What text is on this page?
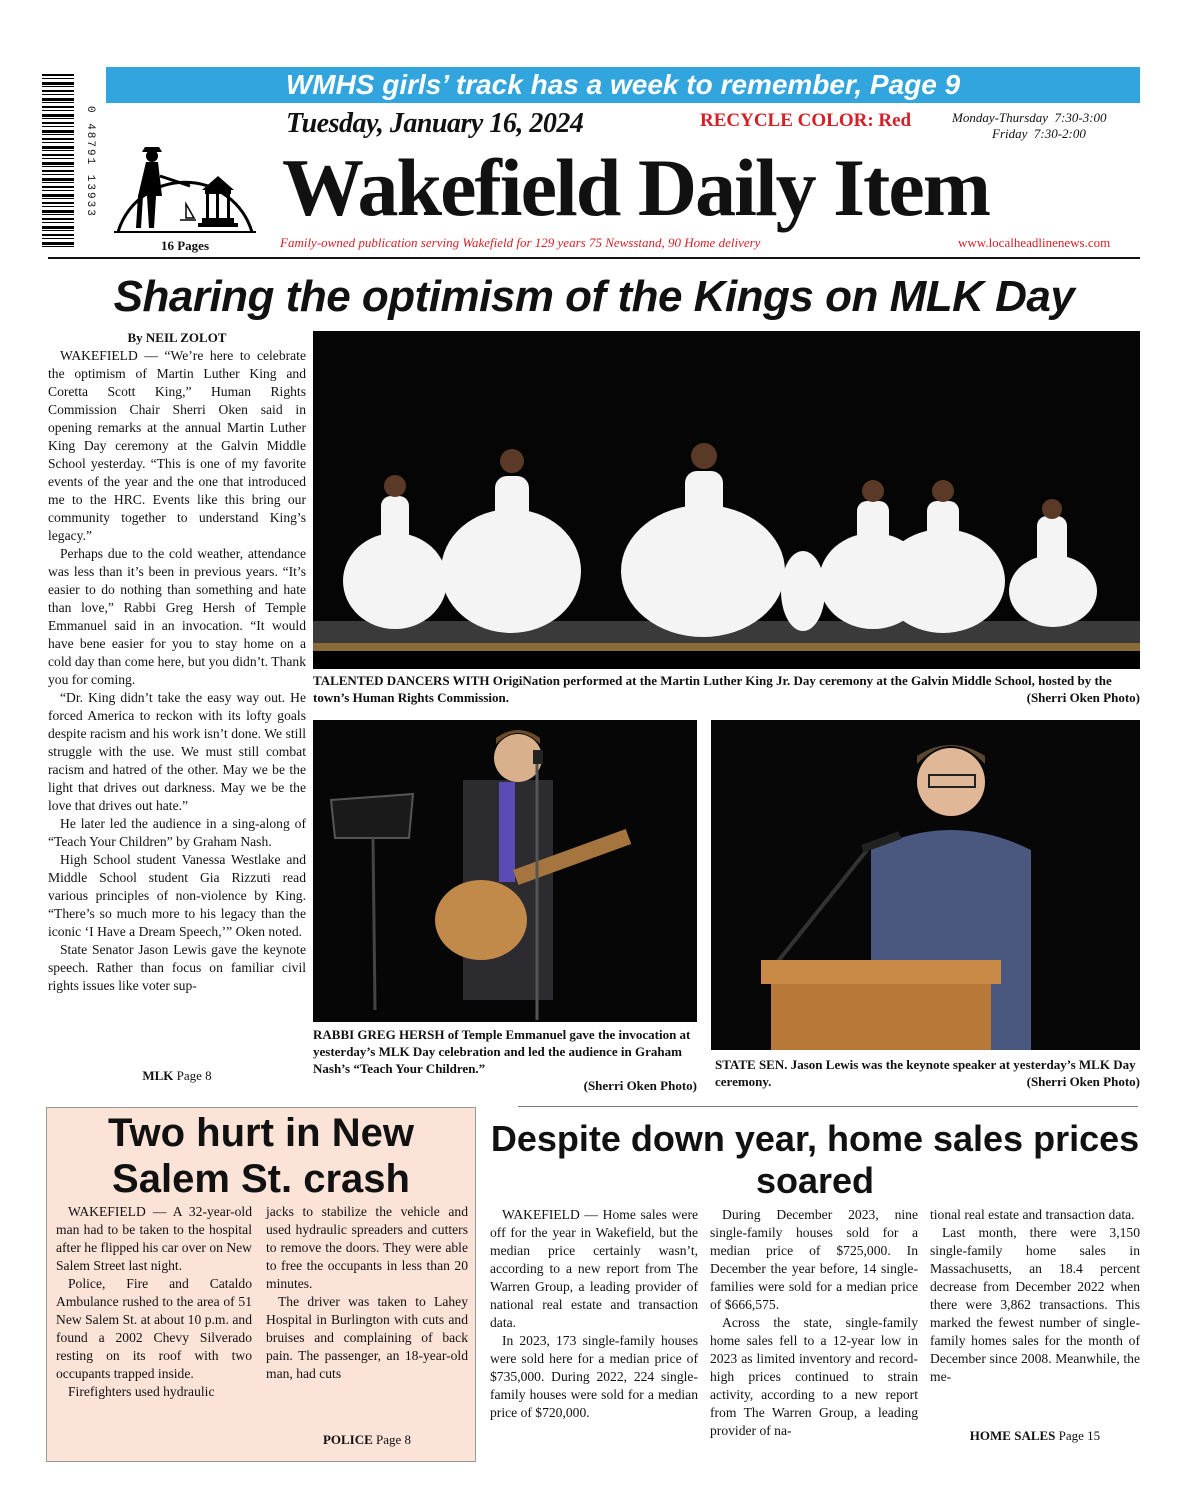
0 48791 13933
WMHS girls’ track has a week to remember, Page 9
16 Pages
Tuesday, January 16, 2024	RECYCLE COLOR: Red	Monday-Thursday  7:30-3:00
Friday  7:30-2:00
Wakefield Daily Item
Family-owned publication serving Wakefield for 129 years 75 Newsstand, 90 Home delivery	www.localheadlinenews.com
Sharing the optimism of the Kings on MLK Day
By NEIL ZOLOT

WAKEFIELD — “We’re here to celebrate the optimism of Martin Luther King and Coretta Scott King,” Human Rights Commission Chair Sherri Oken said in opening remarks at the annual Martin Luther King Day ceremony at the Galvin Middle School yesterday. “This is one of my favorite events of the year and the one that introduced me to the HRC. Events like this bring our community together to understand King’s legacy.”

Perhaps due to the cold weather, attendance was less than it’s been in previous years. “It’s easier to do nothing than something and hate than love,” Rabbi Greg Hersh of Temple Emmanuel said in an invocation. “It would have bene easier for you to stay home on a cold day than come here, but you didn’t. Thank you for coming.

“Dr. King didn’t take the easy way out. He forced America to reckon with its lofty goals despite racism and his work isn’t done. We still struggle with the use. We must still combat racism and hatred of the other. May we be the light that drives out darkness. May we be the love that drives out hate.”

He later led the audience in a sing-along of “Teach Your Children” by Graham Nash.

High School student Vanessa Westlake and Middle School student Gia Rizzuti read various principles of non-violence by King. “There’s so much more to his legacy than the iconic ‘I Have a Dream Speech,’” Oken noted.

State Senator Jason Lewis gave the keynote speech. Rather than focus on familiar civil rights issues like voter sup-

MLK Page 8
TALENTED DANCERS WITH OrigiNation performed at the Martin Luther King Jr. Day ceremony at the Galvin Middle School, hosted by the town’s Human Rights Commission.	(Sherri Oken Photo)
RABBI GREG HERSH of Temple Emmanuel gave the invocation at yesterday’s MLK Day celebration and led the audience in Graham Nash’s “Teach Your Children.”
(Sherri Oken Photo)
STATE SEN. Jason Lewis was the keynote speaker at yesterday’s MLK Day ceremony.	(Sherri Oken Photo)
Two hurt in New Salem St. crash

WAKEFIELD — A 32-year-old man had to be taken to the hospital after he flipped his car over on New Salem Street last night.

Police, Fire and Cataldo Ambulance rushed to the area of 51 New Salem St. at about 10 p.m. and found a 2002 Chevy Silverado resting on its roof with two occupants trapped inside.

Firefighters used hydraulic

jacks to stabilize the vehicle and used hydraulic spreaders and cutters to remove the doors. They were able to free the occupants in less than 20 minutes.

The driver was taken to Lahey Hospital in Burlington with cuts and bruises and complaining of back pain. The passenger, an 18-year-old man, had cuts

POLICE Page 8
Despite down year, home sales prices soared

WAKEFIELD — Home sales were off for the year in Wakefield, but the median price certainly wasn’t, according to a new report from The Warren Group, a leading provider of national real estate and transaction data.

In 2023, 173 single-family houses were sold here for a median price of $735,000. During 2022, 224 single-family houses were sold for a median price of $720,000.

During December 2023, nine single-family houses sold for a median price of $725,000. In December the year before, 14 single-families were sold for a median price of $666,575.

Across the state, single-family home sales fell to a 12-year low in 2023 as limited inventory and record-high prices continued to strain activity, according to a new report from The Warren Group, a leading provider of na-

tional real estate and transaction data.

Last month, there were 3,150 single-family home sales in Massachusetts, an 18.4 percent decrease from December 2022 when there were 3,862 transactions. This marked the fewest number of single-family homes sales for the month of December since 2008. Meanwhile, the me-

HOME SALES Page 15
